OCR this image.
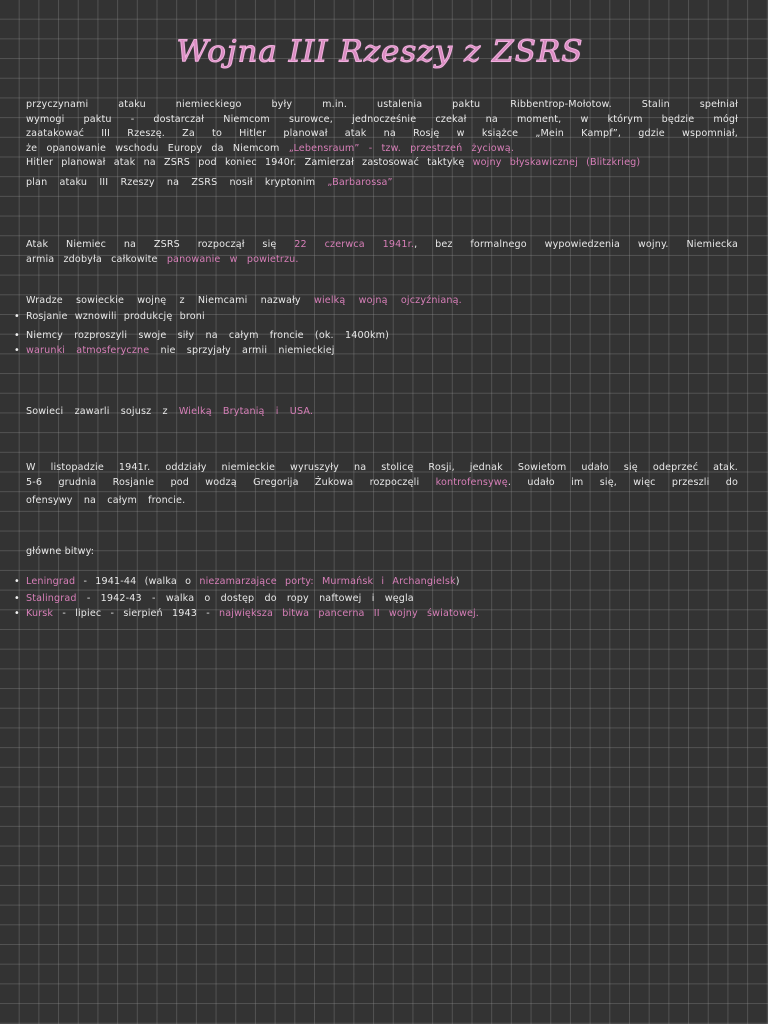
Wojna III Rzeszy z ZSRS
przyczynami ataku niemieckiego były m.in. ustalenia paktu Ribbentrop-Mołotow. Stalin spełniał
wymogi paktu - dostarczał Niemcom surowce, jednocześnie czekał na moment, w którym będzie mógł
zaatakować III Rzeszę. Za to Hitler planował atak na Rosję w książce „Mein Kampf”, gdzie wspomniał,
że opanowanie wschodu Europy da Niemcom „Lebensraum” - tzw. przestrzeń życiową.
Hitler planował atak na ZSRS pod koniec 1940r. Zamierzał zastosować taktykę wojny błyskawicznej (Blitzkrieg)
plan ataku III Rzeszy na ZSRS nosił kryptonim „Barbarossa”
Atak Niemiec na ZSRS rozpoczął się 22 czerwca 1941r., bez formalnego wypowiedzenia wojny. Niemiecka
armia zdobyła całkowite panowanie w powietrzu.
Wradze sowieckie wojnę z Niemcami nazwały wielką wojną ojczyźnianą.
• Rosjanie wznowili produkcję broni
• Niemcy rozproszyli swoje siły na całym froncie (ok. 1400km)
• warunki atmosferyczne nie sprzyjały armii niemieckiej
Sowieci zawarli sojusz z Wielką Brytanią i USA.
W listopadzie 1941r. oddziały niemieckie wyruszyły na stolicę Rosji, jednak Sowietom udało się odeprzeć atak.
5-6 grudnia Rosjanie pod wodzą Gregorija Żukowa rozpoczęli kontrofensywę. udało im się, więc przeszli do
ofensywy na całym froncie.
główne bitwy:
• Leningrad - 1941-44 (walka o niezamarzające porty: Murmańsk i Archangielsk)
• Stalingrad - 1942-43 - walka o dostęp do ropy naftowej i węgla
• Kursk - lipiec - sierpień 1943 - największa bitwa pancerna II wojny światowej.
